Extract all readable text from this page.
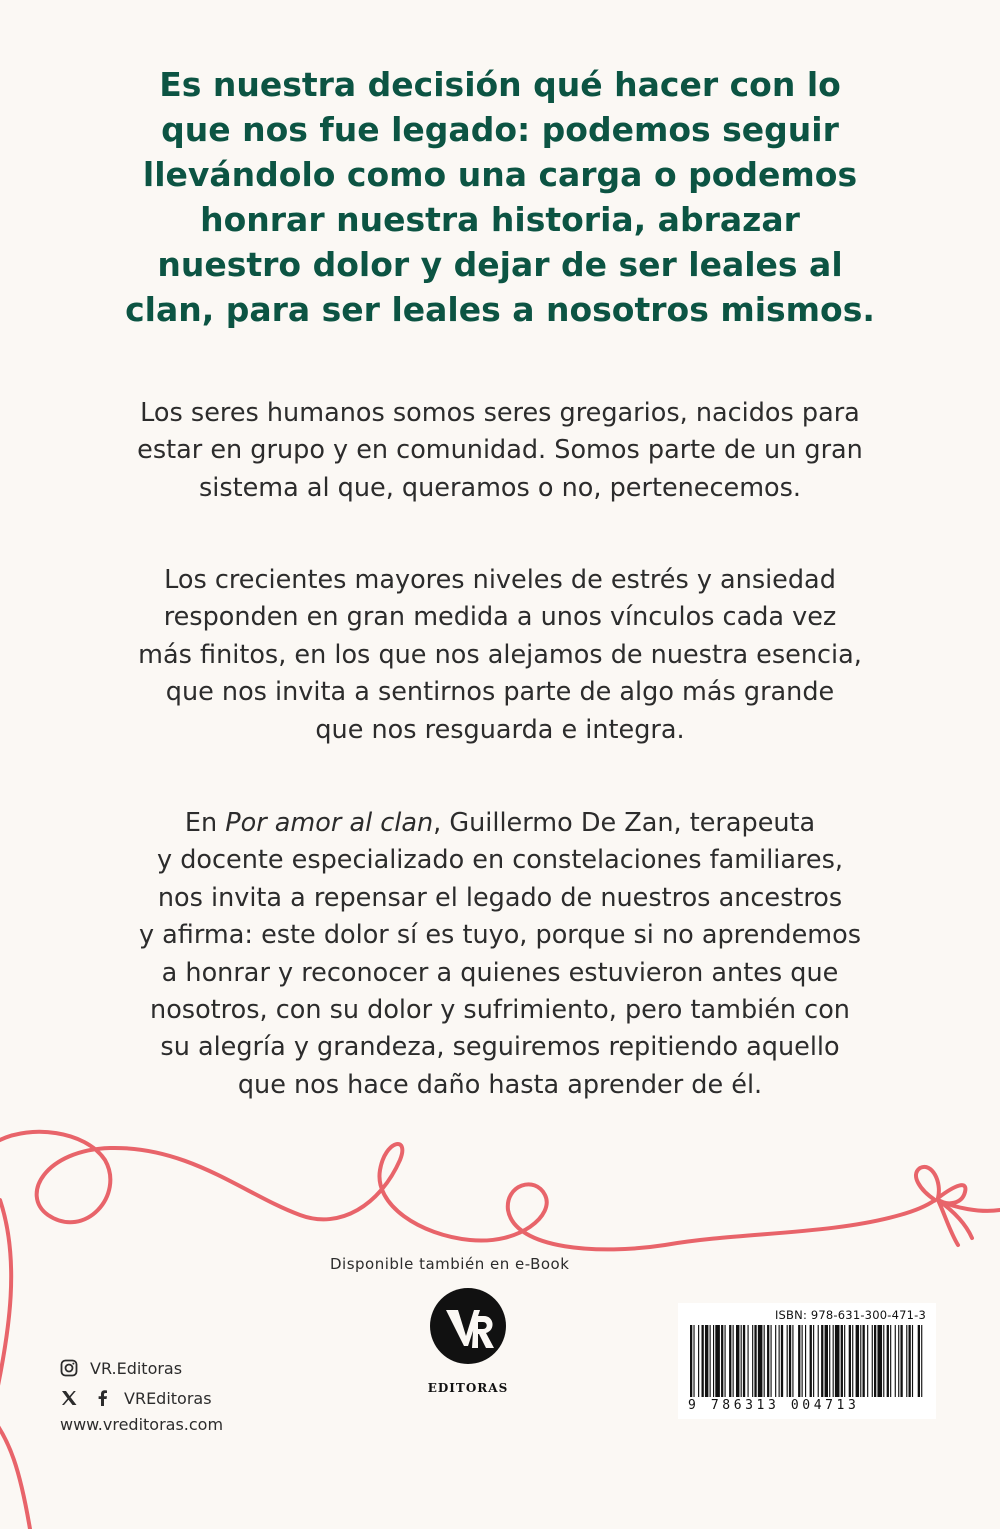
Es nuestra decisión qué hacer con lo
que nos fue legado: podemos seguir
llevándolo como una carga o podemos
honrar nuestra historia, abrazar
nuestro dolor y dejar de ser leales al
clan, para ser leales a nosotros mismos.

Los seres humanos somos seres gregarios, nacidos para
estar en grupo y en comunidad. Somos parte de un gran
sistema al que, queramos o no, pertenecemos.

Los crecientes mayores niveles de estrés y ansiedad
responden en gran medida a unos vínculos cada vez
más finitos, en los que nos alejamos de nuestra esencia,
que nos invita a sentirnos parte de algo más grande
que nos resguarda e integra.

En Por amor al clan, Guillermo De Zan, terapeuta
y docente especializado en constelaciones familiares,
nos invita a repensar el legado de nuestros ancestros
y afirma: este dolor sí es tuyo, porque si no aprendemos
a honrar y reconocer a quienes estuvieron antes que
nosotros, con su dolor y sufrimiento, pero también con
su alegría y grandeza, seguiremos repitiendo aquello
que nos hace daño hasta aprender de él.

Disponible también en e-Book
EDITORAS
VR.Editoras
VREditoras
www.vreditoras.com
ISBN: 978-631-300-471-3
9 786313 004713
